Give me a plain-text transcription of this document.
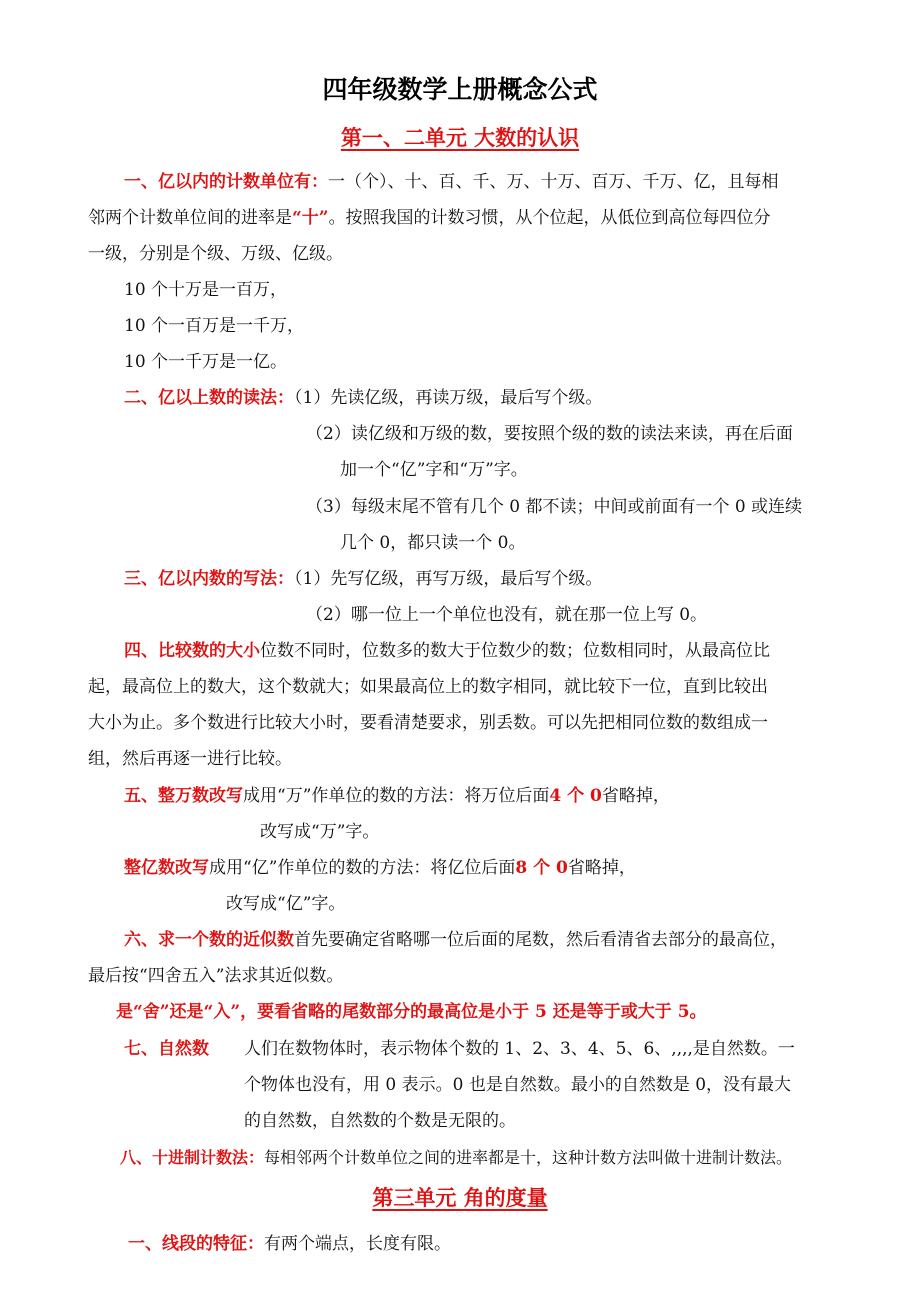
四年级数学上册概念公式
第一、二单元 大数的认识
一、亿以内的计数单位有：一（个）、十、百、千、万、十万、百万、千万、亿，且每相
邻两个计数单位间的进率是“十”。按照我国的计数习惯，从个位起，从低位到高位每四位分
一级，分别是个级、万级、亿级。
10 个十万是一百万，
10 个一百万是一千万，
10 个一千万是一亿。
二、亿以上数的读法：（1）先读亿级，再读万级，最后写个级。
（2）读亿级和万级的数，要按照个级的数的读法来读，再在后面
加一个“亿”字和“万”字。
（3）每级末尾不管有几个 0 都不读；中间或前面有一个 0 或连续
几个 0，都只读一个 0。
三、亿以内数的写法：（1）先写亿级，再写万级，最后写个级。
（2）哪一位上一个单位也没有，就在那一位上写 0。
四、比较数的大小位数不同时，位数多的数大于位数少的数；位数相同时，从最高位比
起，最高位上的数大，这个数就大；如果最高位上的数字相同，就比较下一位，直到比较出
大小为止。多个数进行比较大小时，要看清楚要求，别丢数。可以先把相同位数的数组成一
组，然后再逐一进行比较。
五、整万数改写成用“万”作单位的数的方法：将万位后面4 个 0省略掉，
改写成“万”字。
整亿数改写成用“亿”作单位的数的方法：将亿位后面8 个 0省略掉，
改写成“亿”字。
六、求一个数的近似数首先要确定省略哪一位后面的尾数，然后看清省去部分的最高位，
最后按“四舍五入”法求其近似数。
是“舍”还是“入”，要看省略的尾数部分的最高位是小于 5 还是等于或大于 5。
七、自然数 人们在数物体时，表示物体个数的 1、2、3、4、5、6、,,,,是自然数。一
个物体也没有，用 0 表示。0 也是自然数。最小的自然数是 0，没有最大
的自然数，自然数的个数是无限的。
八、十进制计数法：每相邻两个计数单位之间的进率都是十，这种计数方法叫做十进制计数法。
第三单元 角的度量
一、线段的特征：有两个端点，长度有限。
